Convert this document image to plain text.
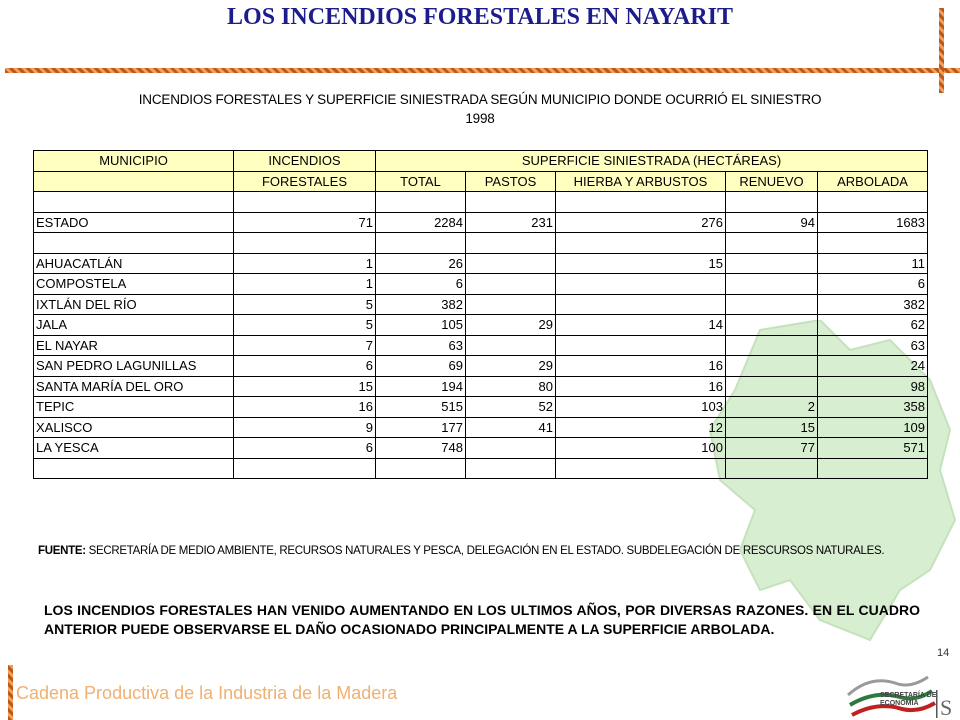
LOS INCENDIOS FORESTALES EN NAYARIT
INCENDIOS FORESTALES Y SUPERFICIE SINIESTRADA SEGÚN MUNICIPIO DONDE OCURRIÓ EL SINIESTRO
1998
MUNICIPIO	INCENDIOS	SUPERFICIE SINIESTRADA (HECTÁREAS)				
	FORESTALES	TOTAL	PASTOS	HIERBA Y ARBUSTOS	RENUEVO	ARBOLADA

ESTADO	71	2284	231	276	94	1683

AHUACATLÁN	1	26		15		11
COMPOSTELA	1	6				6
IXTLÁN DEL RÍO	5	382				382
JALA	5	105	29	14		62
EL NAYAR	7	63				63
SAN PEDRO LAGUNILLAS	6	69	29	16		24
SANTA MARÍA DEL ORO	15	194	80	16		98
TEPIC	16	515	52	103	2	358
XALISCO	9	177	41	12	15	109
LA YESCA	6	748		100	77	571

FUENTE: SECRETARÍA DE MEDIO AMBIENTE, RECURSOS NATURALES Y PESCA, DELEGACIÓN EN EL ESTADO. SUBDELEGACIÓN DE RESCURSOS NATURALES.
LOS INCENDIOS FORESTALES HAN VENIDO AUMENTANDO EN LOS ULTIMOS AÑOS, POR DIVERSAS RAZONES. EN EL CUADRO ANTERIOR PUEDE OBSERVARSE EL DAÑO OCASIONADO PRINCIPALMENTE A LA SUPERFICIE ARBOLADA.
14
Cadena Productiva de la Industria de la Madera
S
SECRETARÍA DE
ECONOMÍA
